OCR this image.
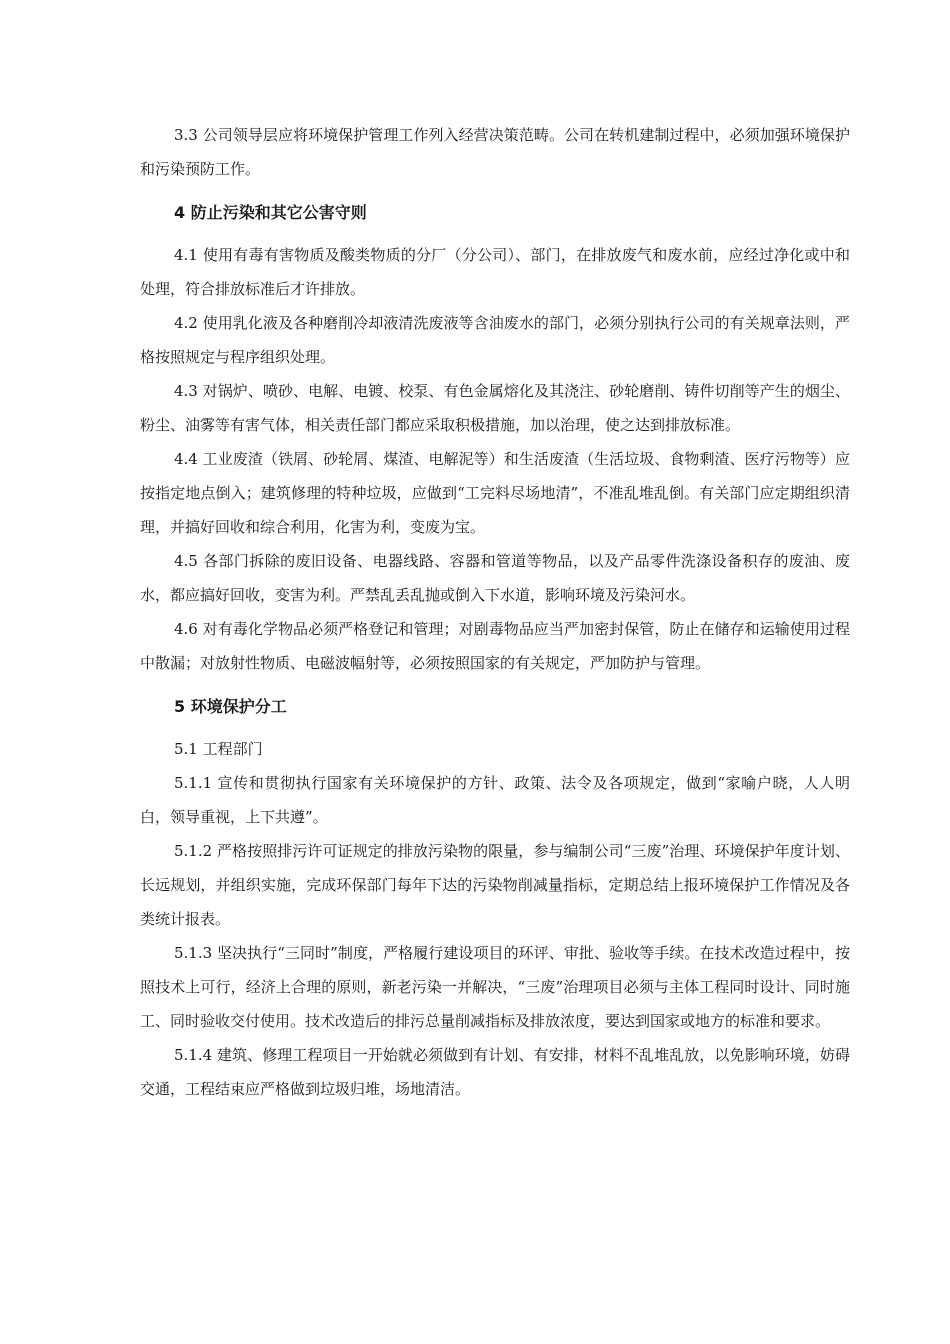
3.3 公司领导层应将环境保护管理工作列入经营决策范畴。公司在转机建制过程中，必须加强环境保护和污染预防工作。

4 防止污染和其它公害守则

4.1 使用有毒有害物质及酸类物质的分厂（分公司）、部门，在排放废气和废水前，应经过净化或中和处理，符合排放标准后才许排放。

4.2 使用乳化液及各种磨削冷却液清洗废液等含油废水的部门，必须分别执行公司的有关规章法则，严格按照规定与程序组织处理。

4.3 对锅炉、喷砂、电解、电镀、校泵、有色金属熔化及其浇注、砂轮磨削、铸件切削等产生的烟尘、粉尘、油雾等有害气体，相关责任部门都应采取积极措施，加以治理，使之达到排放标准。

4.4 工业废渣（铁屑、砂轮屑、煤渣、电解泥等）和生活废渣（生活垃圾、食物剩渣、医疗污物等）应按指定地点倒入；建筑修理的特种垃圾，应做到“工完料尽场地清”，不准乱堆乱倒。有关部门应定期组织清理，并搞好回收和综合利用，化害为利，变废为宝。

4.5 各部门拆除的废旧设备、电器线路、容器和管道等物品，以及产品零件洗涤设备积存的废油、废水，都应搞好回收，变害为利。严禁乱丢乱抛或倒入下水道，影响环境及污染河水。

4.6 对有毒化学物品必须严格登记和管理；对剧毒物品应当严加密封保管，防止在储存和运输使用过程中散漏；对放射性物质、电磁波幅射等，必须按照国家的有关规定，严加防护与管理。

5 环境保护分工

5.1 工程部门

5.1.1 宣传和贯彻执行国家有关环境保护的方针、政策、法令及各项规定，做到“家喻户晓，人人明白，领导重视，上下共遵”。

5.1.2 严格按照排污许可证规定的排放污染物的限量，参与编制公司“三废”治理、环境保护年度计划、长远规划，并组织实施，完成环保部门每年下达的污染物削减量指标，定期总结上报环境保护工作情况及各类统计报表。

5.1.3 坚决执行“三同时”制度，严格履行建设项目的环评、审批、验收等手续。在技术改造过程中，按照技术上可行，经济上合理的原则，新老污染一并解决，“三废”治理项目必须与主体工程同时设计、同时施工、同时验收交付使用。技术改造后的排污总量削减指标及排放浓度，要达到国家或地方的标准和要求。

5.1.4 建筑、修理工程项目一开始就必须做到有计划、有安排，材料不乱堆乱放，以免影响环境，妨碍交通，工程结束应严格做到垃圾归堆，场地清洁。
